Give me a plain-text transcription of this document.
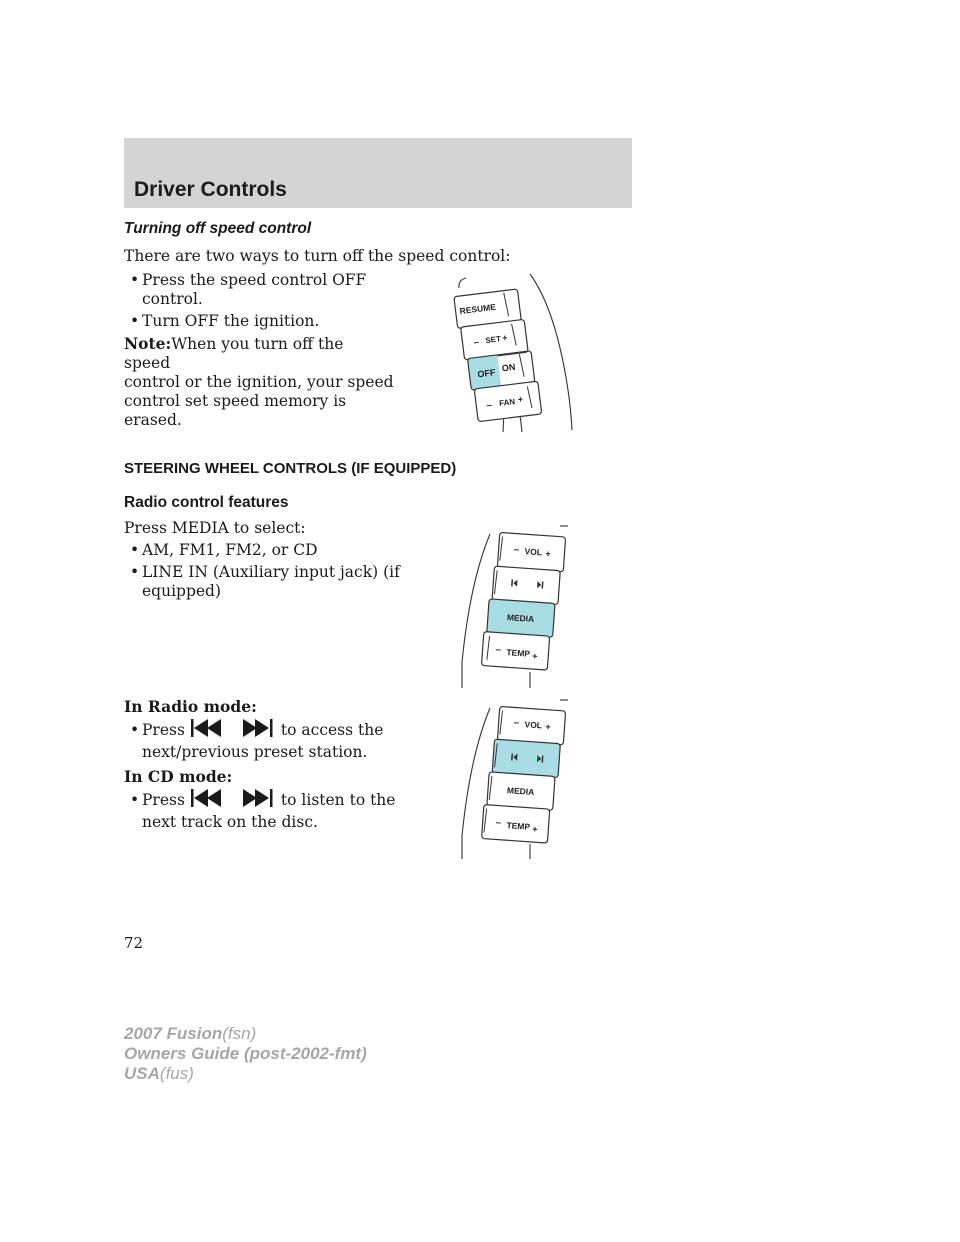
Driver Controls
Turning off speed control
There are two ways to turn off the speed control:
• Press the speed control OFF
control.
• Turn OFF the ignition.
Note:When you turn off the speed
control or the ignition, your speed
control set speed memory is erased.
RESUME
– SET +
OFF ON
– FAN +
STEERING WHEEL CONTROLS (IF EQUIPPED)
Radio control features
Press MEDIA to select:
• AM, FM1, FM2, or CD
• LINE IN (Auxiliary input jack) (if
equipped)
– VOL +
MEDIA
– TEMP +
In Radio mode:
• Press	to access the
next/previous preset station.
In CD mode:
• Press	to listen to the
next track on the disc.
– VOL +
MEDIA
– TEMP +
72
2007 Fusion(fsn)
Owners Guide (post-2002-fmt)
USA(fus)
